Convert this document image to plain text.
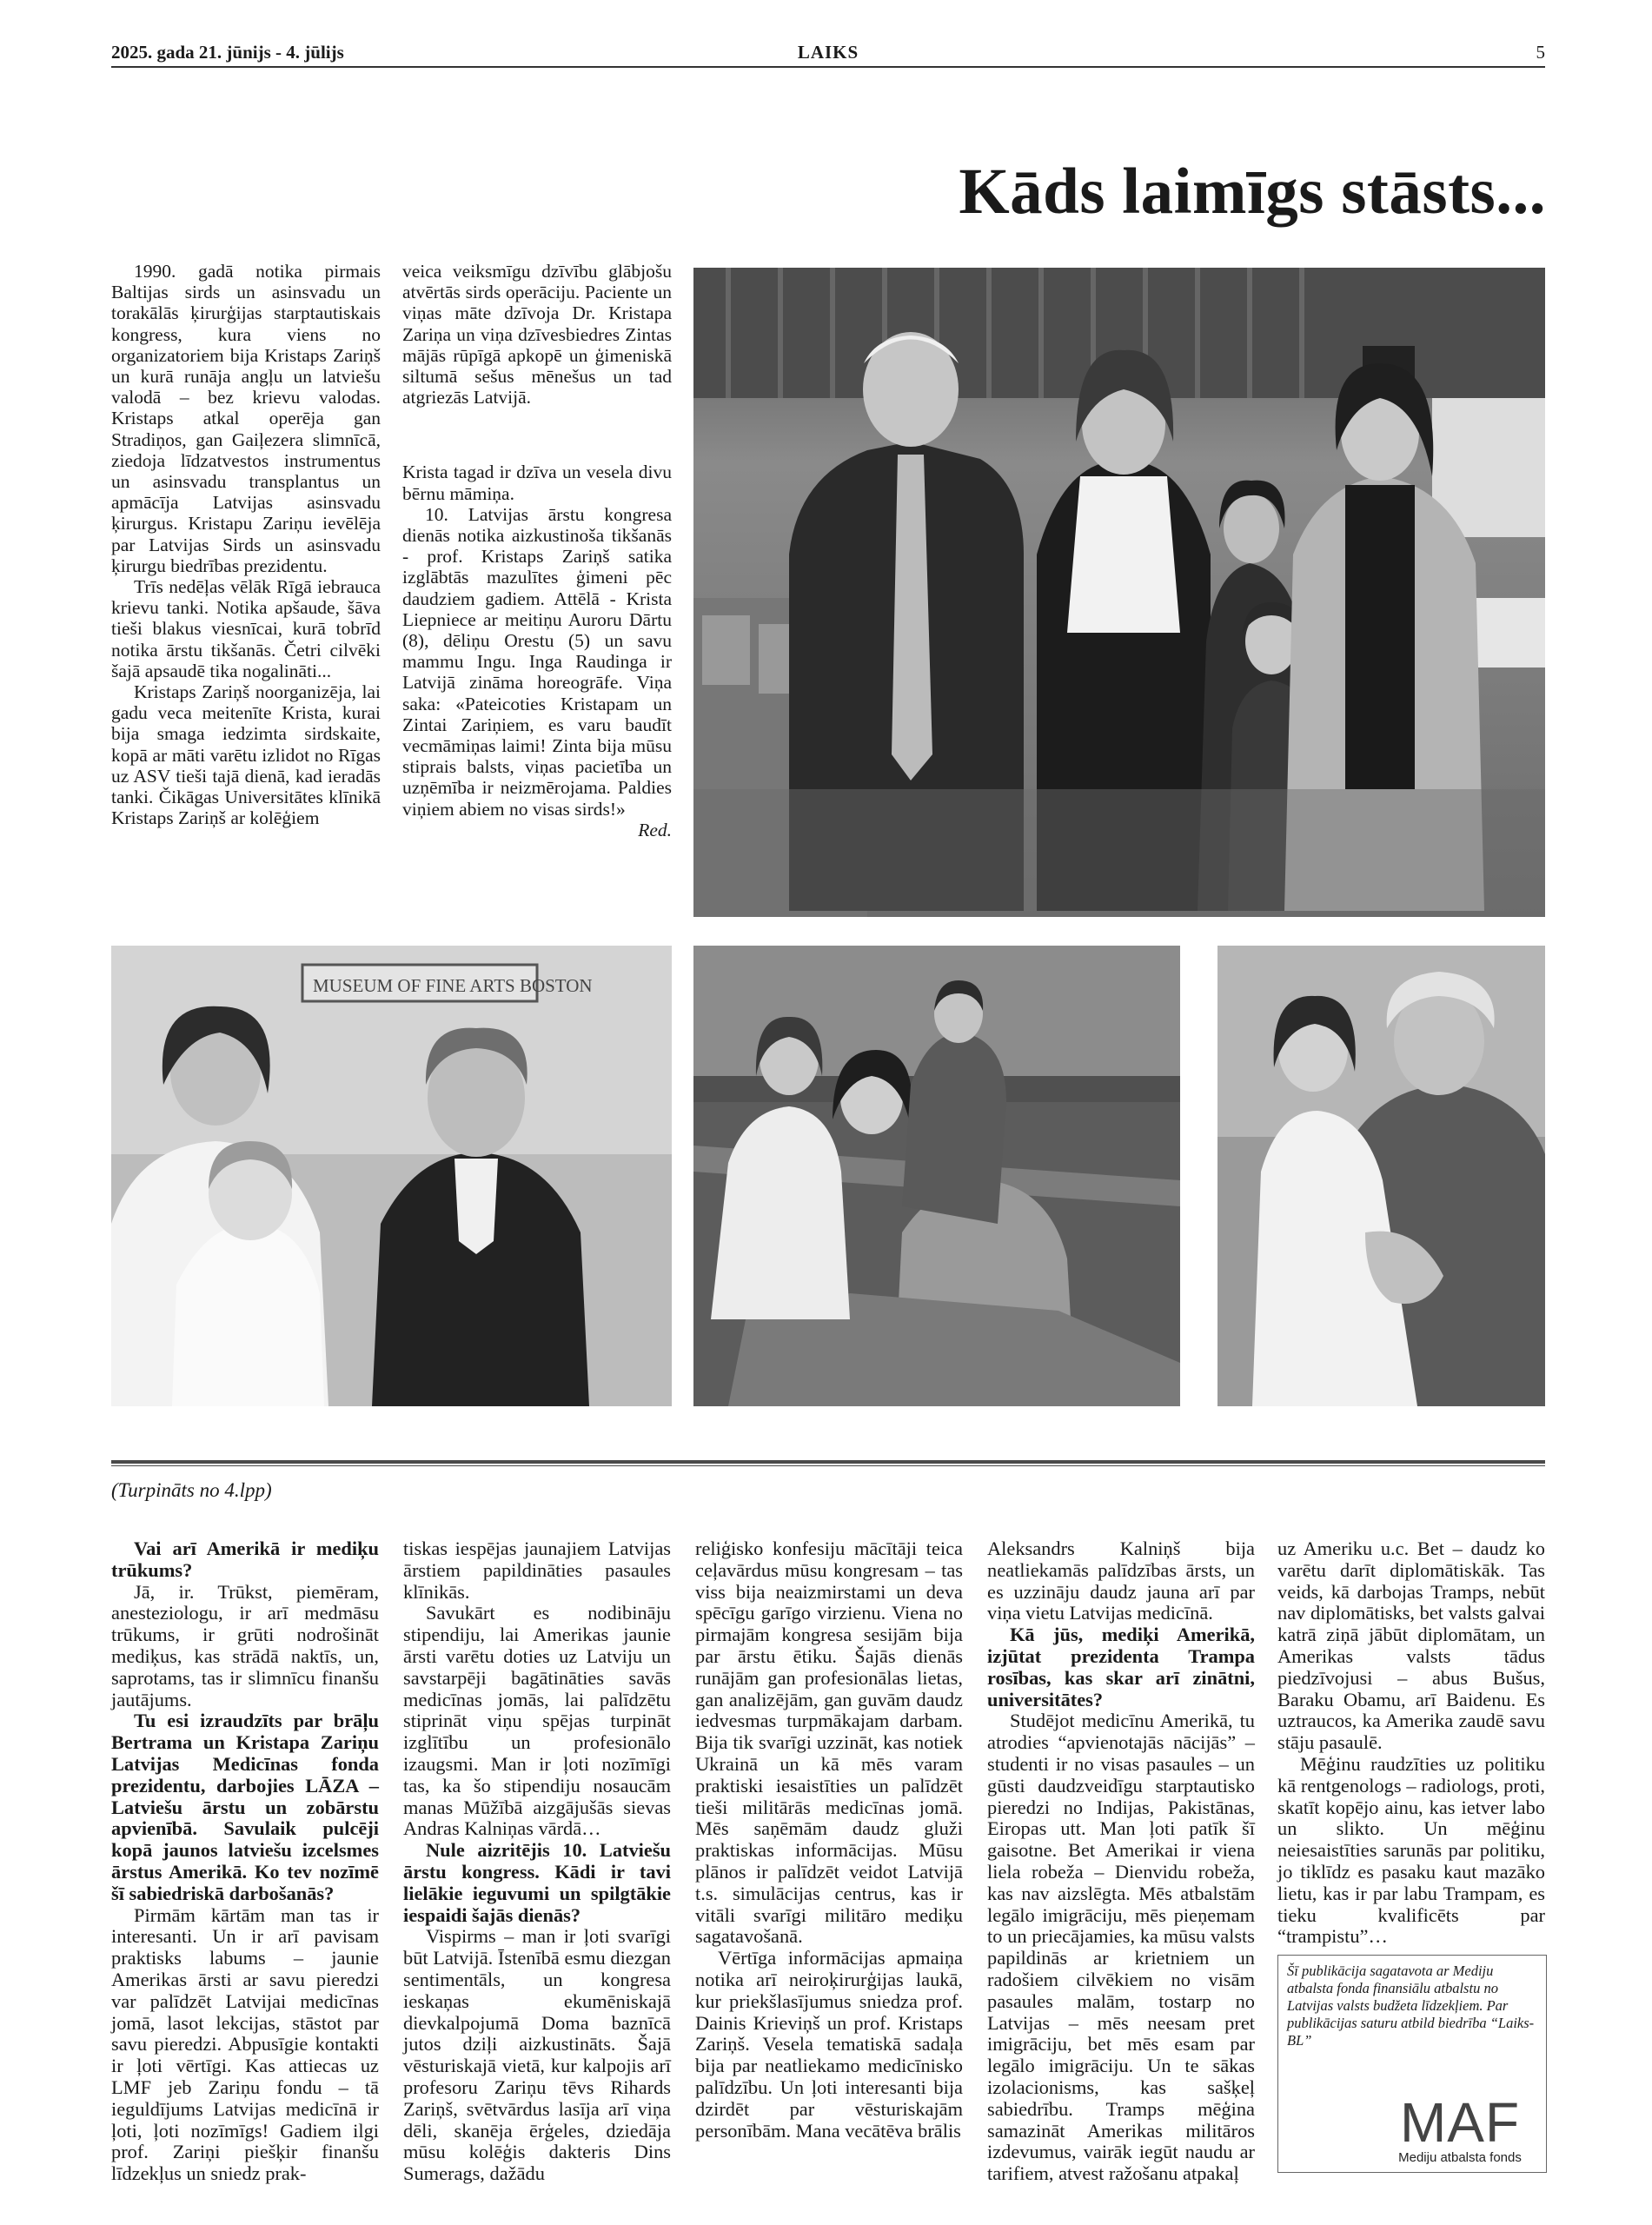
2025. gada 21. jūnijs - 4. jūlijs	LAIKS	5
Kāds laimīgs stāsts...

1990. gadā notika pirmais Baltijas sirds un asinsvadu un torakālās ķirurģijas starptautiskais kongress, kura viens no organizatoriem bija Kristaps Zariņš un kurā runāja angļu un latviešu valodā – bez krievu valodas. Kristaps atkal operēja gan Stradiņos, gan Gaiļezera slimnīcā, ziedoja līdzatvestos instrumentus un asinsvadu transplantus un apmācīja Latvijas asinsvadu ķirurgus. Kristapu Zariņu ievēlēja par Latvijas Sirds un asinsvadu ķirurgu biedrības prezidentu.

Trīs nedēļas vēlāk Rīgā iebrauca krievu tanki. Notika apšaude, šāva tieši blakus viesnīcai, kurā tobrīd notika ārstu tikšanās. Četri cilvēki šajā apsaudē tika nogalināti...

Kristaps Zariņš noorganizēja, lai gadu veca meitenīte Krista, kurai bija smaga iedzimta sirdskaite, kopā ar māti varētu izlidot no Rīgas uz ASV tieši tajā dienā, kad ieradās tanki. Čikāgas Universitātes klīnikā Kristaps Zariņš ar kolēģiem

veica veiksmīgu dzīvību glābjošu atvērtās sirds operāciju. Paciente un viņas māte dzīvoja Dr. Kristapa Zariņa un viņa dzīvesbiedres Zintas mājās rūpīgā apkopē un ģimeniskā siltumā sešus mēnešus un tad atgriezās Latvijā.

Krista tagad ir dzīva un vesela divu bērnu māmiņa.

10. Latvijas ārstu kongresa dienās notika aizkustinoša tikšanās - prof. Kristaps Zariņš satika izglābtās mazulītes ģimeni pēc daudziem gadiem. Attēlā - Krista Liepniece ar meitiņu Auroru Dārtu (8), dēliņu Orestu (5) un savu mammu Ingu. Inga Raudinga ir Latvijā zināma horeogrāfe. Viņa saka: «Pateicoties Kristapam un Zintai Zariņiem, es varu baudīt vecmāmiņas laimi! Zinta bija mūsu stiprais balsts, viņas pacietība un uzņēmība ir neizmērojama. Paldies viņiem abiem no visas sirds!»

Red.

MUSEUM OF FINE ARTS BOSTON
(Turpināts no 4.lpp)

Vai arī Amerikā ir mediķu trūkums?

Jā, ir. Trūkst, piemēram, anesteziologu, ir arī medmāsu trūkums, ir grūti nodrošināt mediķus, kas strādā naktīs, un, saprotams, tas ir slimnīcu finanšu jautājums.

Tu esi izraudzīts par brāļu Bertrama un Kristapa Zariņu Latvijas Medicīnas fonda prezidentu, darbojies LĀZA – Latviešu ārstu un zobārstu apvienībā. Savulaik pulcēji kopā jaunos latviešu izcelsmes ārstus Amerikā. Ko tev nozīmē šī sabiedriskā darbošanās?

Pirmām kārtām man tas ir interesanti. Un ir arī pavisam praktisks labums – jaunie Amerikas ārsti ar savu pieredzi var palīdzēt Latvijai medicīnas jomā, lasot lekcijas, stāstot par savu pieredzi. Abpusīgie kontakti ir ļoti vērtīgi. Kas attiecas uz LMF jeb Zariņu fondu – tā ieguldījums Latvijas medicīnā ir ļoti, ļoti nozīmīgs! Gadiem ilgi prof. Zariņi piešķir finanšu līdzekļus un sniedz prak-

tiskas iespējas jaunajiem Latvijas ārstiem papildināties pasaules klīnikās.

Savukārt es nodibināju stipendiju, lai Amerikas jaunie ārsti varētu doties uz Latviju un savstarpēji bagātināties savās medicīnas jomās, lai palīdzētu stiprināt viņu spējas turpināt izglītību un profesionālo izaugsmi. Man ir ļoti nozīmīgi tas, ka šo stipendiju nosaucām manas Mūžībā aizgājušās sievas Andras Kalniņas vārdā…

Nule aizritējis 10. Latviešu ārstu kongress. Kādi ir tavi lielākie ieguvumi un spilgtākie iespaidi šajās dienās?

Vispirms – man ir ļoti svarīgi būt Latvijā. Īstenībā esmu diezgan sentimentāls, un kongresa ieskaņas ekumēniskajā dievkalpojumā Doma baznīcā jutos dziļi aizkustināts. Šajā vēsturiskajā vietā, kur kalpojis arī profesoru Zariņu tēvs Rihards Zariņš, svētvārdus lasīja arī viņa dēli, skanēja ērģeles, dziedāja mūsu kolēģis dakteris Dins Sumerags, dažādu

reliģisko konfesiju mācītāji teica ceļavārdus mūsu kongresam – tas viss bija neaizmirstami un deva spēcīgu garīgo virzienu. Viena no pirmajām kongresa sesijām bija par ārstu ētiku. Šajās dienās runājām gan profesionālas lietas, gan analizējām, gan guvām daudz iedvesmas turpmākajam darbam. Bija tik svarīgi uzzināt, kas notiek Ukrainā un kā mēs varam praktiski iesaistīties un palīdzēt tieši militārās medicīnas jomā. Mēs saņēmām daudz gluži praktiskas informācijas. Mūsu plānos ir palīdzēt veidot Latvijā t.s. simulācijas centrus, kas ir vitāli svarīgi militāro mediķu sagatavošanā.

Vērtīga informācijas apmaiņa notika arī neiroķirurģijas laukā, kur priekšlasījumus sniedza prof. Dainis Krieviņš un prof. Kristaps Zariņš. Vesela tematiskā sadaļa bija par neatliekamo medicīnisko palīdzību. Un ļoti interesanti bija dzirdēt par vēsturiskajām personībām. Mana vecātēva brālis

Aleksandrs Kalniņš bija neatliekamās palīdzības ārsts, un es uzzināju daudz jauna arī par viņa vietu Latvijas medicīnā.

Kā jūs, mediķi Amerikā, izjūtat prezidenta Trampa rosības, kas skar arī zinātni, universitātes?

Studējot medicīnu Amerikā, tu atrodies “apvienotajās nācijās” – studenti ir no visas pasaules – un gūsti daudzveidīgu starptautisko pieredzi no Indijas, Pakistānas, Eiropas utt. Man ļoti patīk šī gaisotne. Bet Amerikai ir viena liela robeža – Dienvidu robeža, kas nav aizslēgta. Mēs atbalstām legālo imigrāciju, mēs pieņemam to un priecājamies, ka mūsu valsts papildinās ar krietniem un radošiem cilvēkiem no visām pasaules malām, tostarp no Latvijas – mēs neesam pret imigrāciju, bet mēs esam par legālo imigrāciju. Un te sākas izolacionisms, kas sašķeļ sabiedrību. Tramps mēģina samazināt Amerikas militāros izdevumus, vairāk iegūt naudu ar tarifiem, atvest ražošanu atpakaļ

uz Ameriku u.c. Bet – daudz ko varētu darīt diplomātiskāk. Tas veids, kā darbojas Tramps, nebūt nav diplomātisks, bet valsts galvai katrā ziņā jābūt diplomātam, un Amerikas valsts tādus piedzīvojusi – abus Bušus, Baraku Obamu, arī Baidenu. Es uztraucos, ka Amerika zaudē savu stāju pasaulē.

Mēģinu raudzīties uz politiku kā rentgenologs – radiologs, proti, skatīt kopējo ainu, kas ietver labo un slikto. Un mēģinu neiesaistīties sarunās par politiku, jo tiklīdz es pasaku kaut mazāko lietu, kas ir par labu Trampam, es tieku kvalificēts par “trampistu”…

Šī publikācija sagatavota ar Mediju atbalsta fonda finansiālu atbalstu no Latvijas valsts budžeta līdzekļiem. Par publikācijas saturu atbild biedrība “Laiks-BL”
MAF
Mediju atbalsta fonds
